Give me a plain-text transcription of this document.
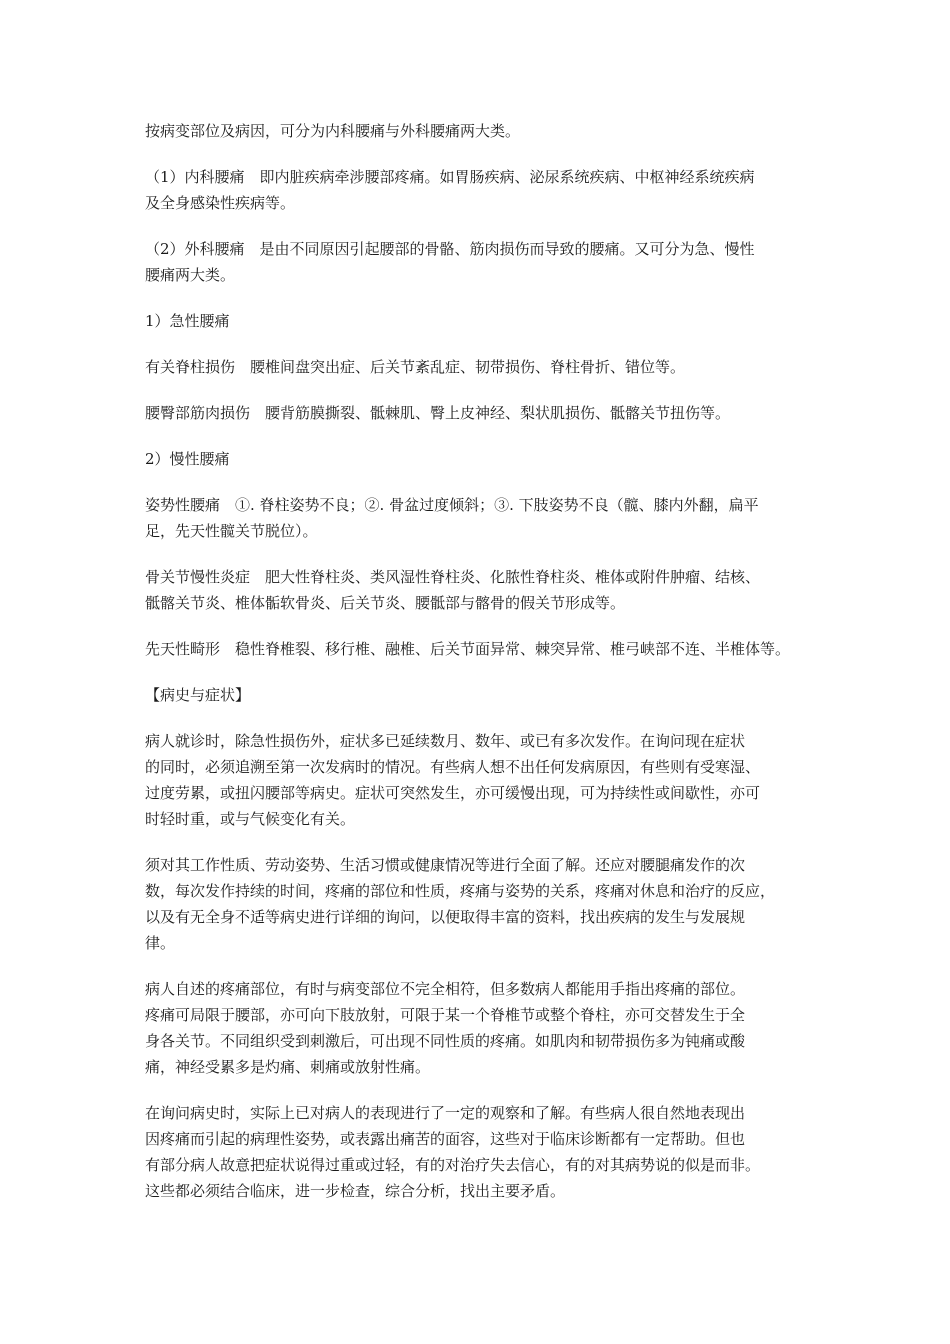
按病变部位及病因，可分为内科腰痛与外科腰痛两大类。

（1）内科腰痛　即内脏疾病牵涉腰部疼痛。如胃肠疾病、泌尿系统疾病、中枢神经系统疾病
及全身感染性疾病等。

（2）外科腰痛　是由不同原因引起腰部的骨骼、筋肉损伤而导致的腰痛。又可分为急、慢性
腰痛两大类。

1）急性腰痛

有关脊柱损伤　腰椎间盘突出症、后关节紊乱症、韧带损伤、脊柱骨折、错位等。

腰臀部筋肉损伤　腰背筋膜撕裂、骶棘肌、臀上皮神经、梨状肌损伤、骶髂关节扭伤等。

2）慢性腰痛

姿势性腰痛　①. 脊柱姿势不良；②. 骨盆过度倾斜；③. 下肢姿势不良（髋、膝内外翻，扁平
足，先天性髋关节脱位）。

骨关节慢性炎症　肥大性脊柱炎、类风湿性脊柱炎、化脓性脊柱炎、椎体或附件肿瘤、结核、
骶髂关节炎、椎体骺软骨炎、后关节炎、腰骶部与髂骨的假关节形成等。

先天性畸形　稳性脊椎裂、移行椎、融椎、后关节面异常、棘突异常、椎弓峡部不连、半椎体等。

【病史与症状】

病人就诊时，除急性损伤外，症状多已延续数月、数年、或已有多次发作。在询问现在症状
的同时，必须追溯至第一次发病时的情况。有些病人想不出任何发病原因，有些则有受寒湿、
过度劳累，或扭闪腰部等病史。症状可突然发生，亦可缓慢出现，可为持续性或间歇性，亦可
时轻时重，或与气候变化有关。

须对其工作性质、劳动姿势、生活习惯或健康情况等进行全面了解。还应对腰腿痛发作的次
数，每次发作持续的时间，疼痛的部位和性质，疼痛与姿势的关系，疼痛对休息和治疗的反应，
以及有无全身不适等病史进行详细的询问，以便取得丰富的资料，找出疾病的发生与发展规
律。

病人自述的疼痛部位，有时与病变部位不完全相符，但多数病人都能用手指出疼痛的部位。
疼痛可局限于腰部，亦可向下肢放射，可限于某一个脊椎节或整个脊柱，亦可交替发生于全
身各关节。不同组织受到刺激后，可出现不同性质的疼痛。如肌肉和韧带损伤多为钝痛或酸
痛，神经受累多是灼痛、刺痛或放射性痛。

在询问病史时，实际上已对病人的表现进行了一定的观察和了解。有些病人很自然地表现出
因疼痛而引起的病理性姿势，或表露出痛苦的面容，这些对于临床诊断都有一定帮助。但也
有部分病人故意把症状说得过重或过轻，有的对治疗失去信心，有的对其病势说的似是而非。
这些都必须结合临床，进一步检查，综合分析，找出主要矛盾。
